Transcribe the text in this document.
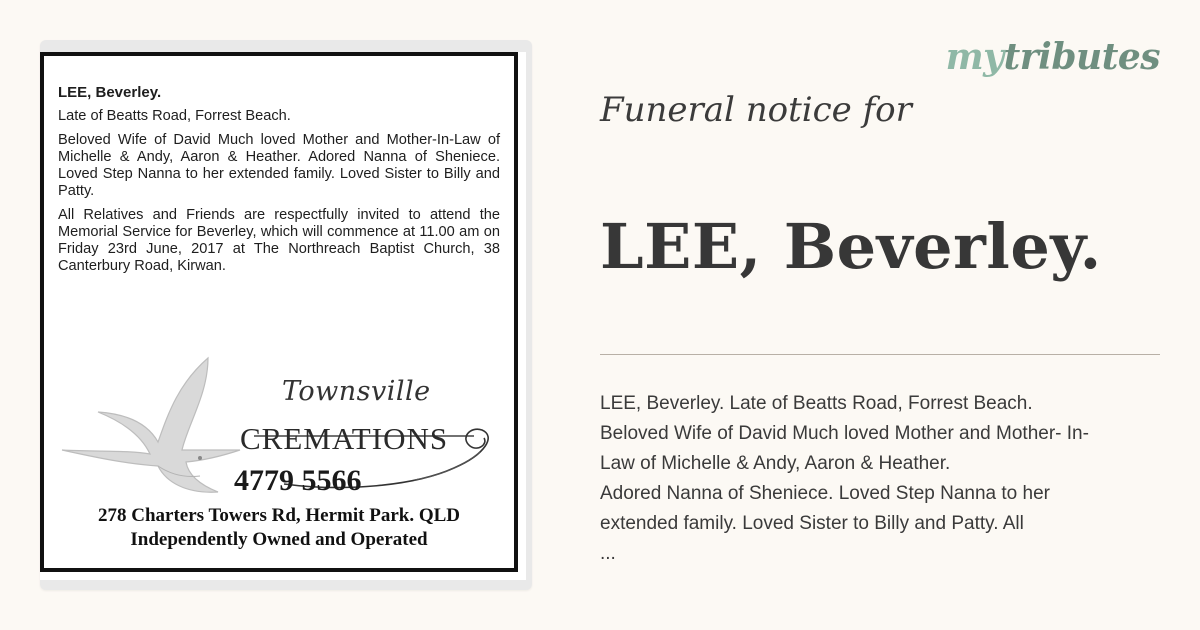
LEE, Beverley.

Late of Beatts Road, Forrest Beach.

Beloved Wife of David Much loved Mother and Mother-In-Law of Michelle & Andy, Aaron & Heather. Adored Nanna of Sheniece. Loved Step Nanna to her extended family. Loved Sister to Billy and Patty.

All Relatives and Friends are respectfully invited to attend the Memorial Service for Beverley, which will commence at 11.00 am on Friday 23rd June, 2017 at The Northreach Baptist Church, 38 Canterbury Road, Kirwan.

Townsville
CREMATIONS
4779 5566
278 Charters Towers Rd, Hermit Park. QLD
Independently Owned and Operated
mytributes
Funeral notice for
LEE, Beverley.
LEE, Beverley. Late of Beatts Road, Forrest Beach.
Beloved Wife of David Much loved Mother and Mother- In-
Law of Michelle & Andy, Aaron & Heather.
Adored Nanna of Sheniece. Loved Step Nanna to her
extended family. Loved Sister to Billy and Patty. All
...
